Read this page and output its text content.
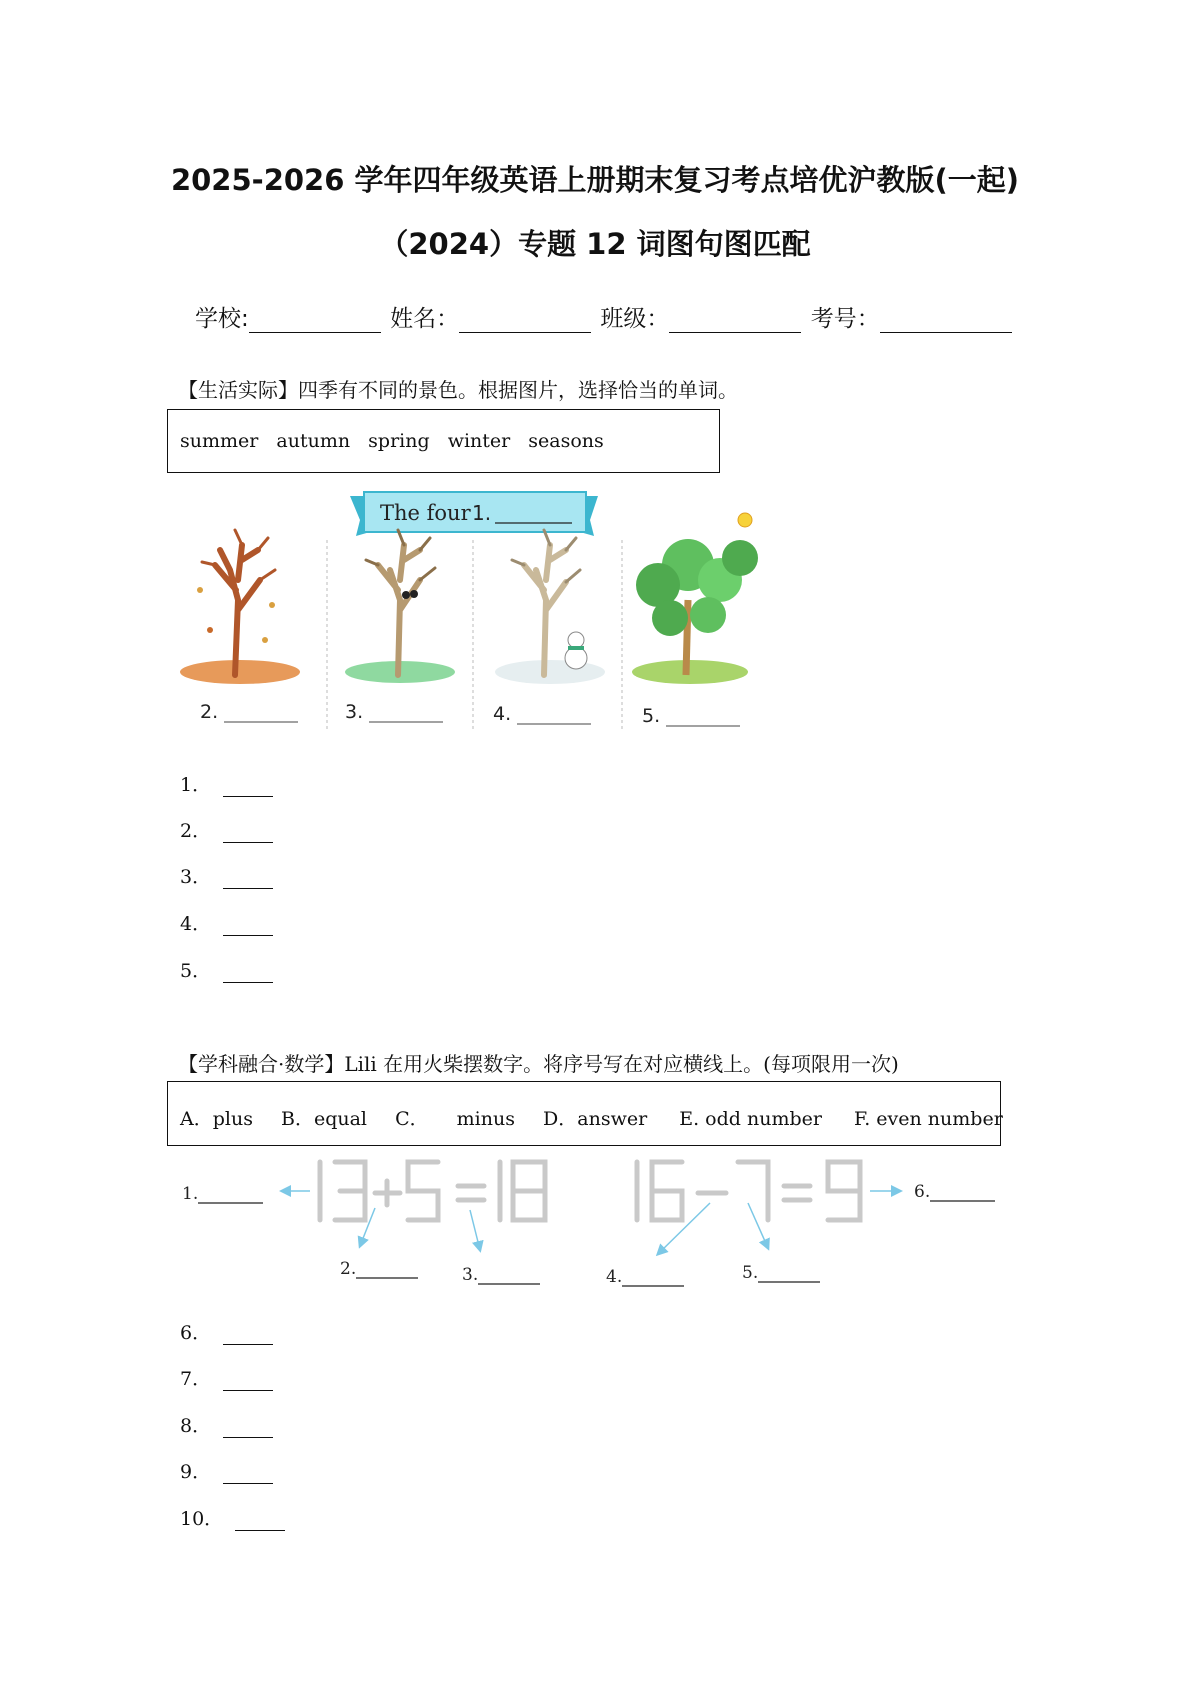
2025-2026 学年四年级英语上册期末复习考点培优沪教版(一起)
（2024）专题 12 词图句图匹配
学校:	姓名：	班级：	考号：
【生活实际】四季有不同的景色。根据图片，选择恰当的单词。
summer autumn spring winter seasons
The four 1.
2.	3.	4.	5.
1．
2．
3．
4．
5．
【学科融合·数学】Lili 在用火柴摆数字。将序号写在对应横线上。(每项限用一次)
A．plus B．equal C． minus D．answer E. odd number F. even number
1.
2.	3.	4.	5.
6.
6．
7．
8．
9．
10．
